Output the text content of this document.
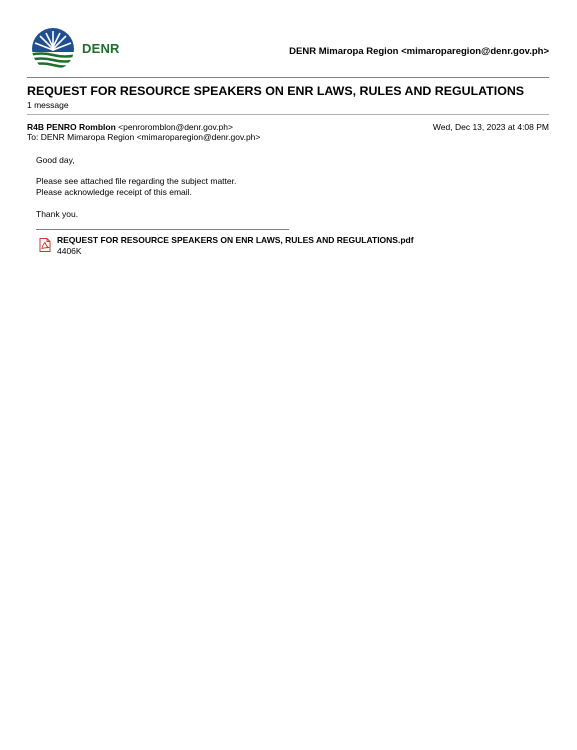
DENR	DENR Mimaropa Region <mimaroparegion@denr.gov.ph>
REQUEST FOR RESOURCE SPEAKERS ON ENR LAWS, RULES AND REGULATIONS
1 message
R4B PENRO Romblon <penroromblon@denr.gov.ph>
To: DENR Mimaropa Region <mimaroparegion@denr.gov.ph>
Wed, Dec 13, 2023 at 4:08 PM
Good day,
Please see attached file regarding the subject matter.
Please acknowledge receipt of this email.
Thank you.
REQUEST FOR RESOURCE SPEAKERS ON ENR LAWS, RULES AND REGULATIONS.pdf
4406K
